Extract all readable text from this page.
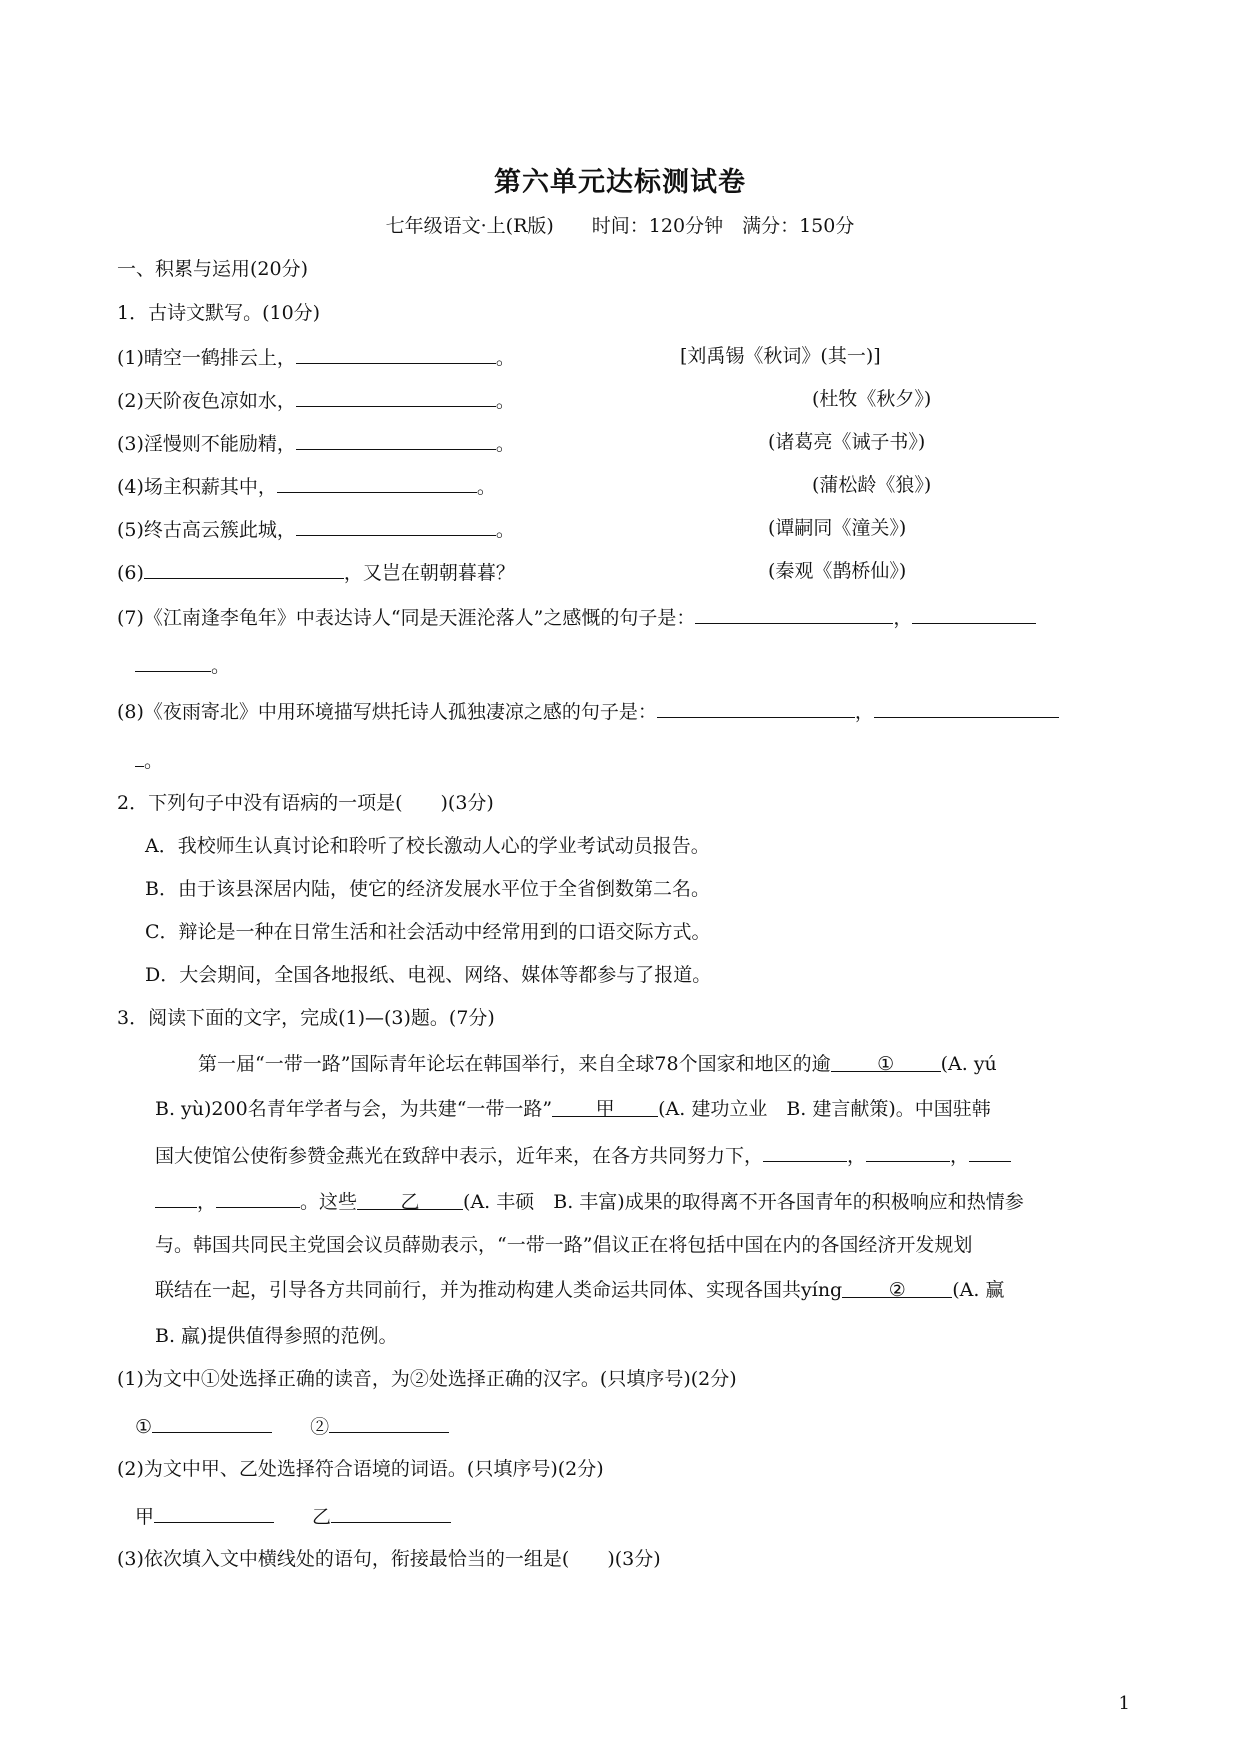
第六单元达标测试卷
七年级语文·上(R版)　　时间：120分钟　满分：150分
一、积累与运用(20分)
1．古诗文默写。(10分)
(1)晴空一鹤排云上，	。	[刘禹锡《秋词》(其一)]
(2)天阶夜色凉如水，	。	(杜牧《秋夕》)
(3)淫慢则不能励精，	。	(诸葛亮《诫子书》)
(4)场主积薪其中，	。	(蒲松龄《狼》)
(5)终古高云簇此城，	。	(谭嗣同《潼关》)
(6)	，又岂在朝朝暮暮？	(秦观《鹊桥仙》)
(7)《江南逢李龟年》中表达诗人“同是天涯沦落人”之感慨的句子是：	，
。
(8)《夜雨寄北》中用环境描写烘托诗人孤独凄凉之感的句子是：	，
。
2．下列句子中没有语病的一项是(　　)(3分)
A．我校师生认真讨论和聆听了校长激动人心的学业考试动员报告。
B．由于该县深居内陆，使它的经济发展水平位于全省倒数第二名。
C．辩论是一种在日常生活和社会活动中经常用到的口语交际方式。
D．大会期间，全国各地报纸、电视、网络、媒体等都参与了报道。
3．阅读下面的文字，完成(1)—(3)题。(7分)
第一届“一带一路”国际青年论坛在韩国举行，来自全球78个国家和地区的逾 ① (A. yú
B. yù)200名青年学者与会，为共建“一带一路” 甲 (A. 建功立业　B. 建言献策)。中国驻韩
国大使馆公使衔参赞金燕光在致辞中表示，近年来，在各方共同努力下，	，	，
，	。这些 乙 (A. 丰硕　B. 丰富)成果的取得离不开各国青年的积极响应和热情参
与。韩国共同民主党国会议员薛勋表示，“一带一路”倡议正在将包括中国在内的各国经济开发规划
联结在一起，引导各方共同前行，并为推动构建人类命运共同体、实现各国共yíng ② (A. 赢
B. 羸)提供值得参照的范例。
(1)为文中①处选择正确的读音，为②处选择正确的汉字。(只填序号)(2分)
①　　	②
(2)为文中甲、乙处选择符合语境的词语。(只填序号)(2分)
甲　　	乙
(3)依次填入文中横线处的语句，衔接最恰当的一组是(　　)(3分)
1
